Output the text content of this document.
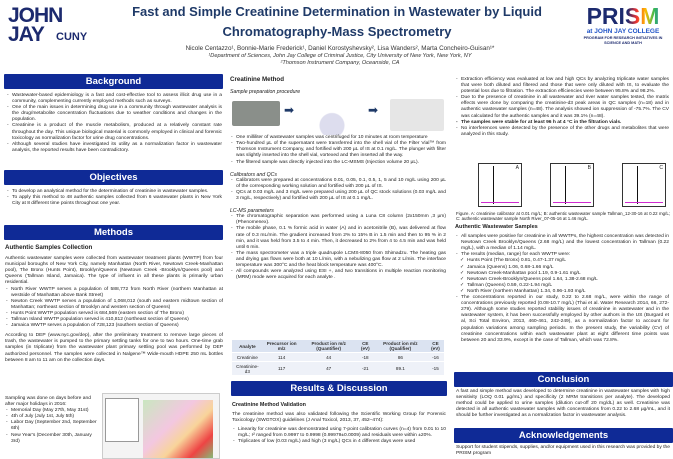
JOHN JAY CUNY
Fast and Simple Creatinine Determination in Wastewater by Liquid Chromatography-Mass Spectrometry
Nicole Centazzo¹, Bonnie-Marie Frederick¹, Daniel Korostyshevsky², Lisa Wanders², Marta Concheiro-Guisan¹*
¹Department of Sciences, John Jay College of Criminal Justice, City University of New York, New York, NY
²Thomson Instrument Company, Oceanside, CA
PRISM
at JOHN JAY COLLEGE
PROGRAM FOR RESEARCH INITIATIVES IN SCIENCE AND MATH
Background
- Wastewater-based epidemiology is a fast and cost-effective tool to assess illicit drug use in a community, complementing currently employed methods such as surveys.
- One of the main issues in determining drug use in a community through wastewater analysis is the drug/metabolite concentration fluctuations due to weather conditions and changes in the population.
- Creatinine is a product of the muscle metabolism, produced at a relatively constant rate throughout the day. This unique biological material is commonly employed in clinical and forensic toxicology as normalization factor for urine drug concentrations.
- Although several studies have investigated its utility as a normalization factor in wastewater analysis, the reported results have been contradictory.
Objectives
- To develop an analytical method for the determination of creatinine in wastewater samples.
- To apply this method to 48 authentic samples collected from 6 wastewater plants in New York City at 8 different time points throughout one year.
Methods
Authentic Samples Collection
Authentic wastewater samples were collected from wastewater treatment plants (WWTP) from four municipal boroughs of New York City, namely Manhattan (North River, Newtown Creek-Manhattan pool), The Bronx (Hunts Point), Brooklyn/Queens (Newtown Creek -Brooklyn/Queens pool) and Queens (Tallman Island, Jamaica). The type of influent in all these plants is primarily urban residential.
- North River WWTP serves a population of 588,772 from North River (northern Manhattan at westside of Manhattan above Bank Street)
- Newton Creek WWTP serves a population of 1,068,012 (south and eastern midtown section of Manhattan; northeast section of Brooklyn and western section of Queens)
- Hunts Point WWTP population served is 684,569 (eastern section of The Bronx)
- Tallman Island WWTP population served is 410,812 (northeast section of Queens)
- Jamaica WWTP serves a population of 728,123 (southern section of Queens)
According to DEP (www.nyc.gov/dep), after the preliminary treatment to remove large pieces of trash, the wastewater is pumped to the primary settling tanks for one to two hours. One-time grab samples (in triplicate) from the wastewater plant primary settling pool was performed by DEP authorized personnel. The samples were collected in Nalgene™ Wide-mouth HDPE 250 mL bottles between 8 am to 11 am on the collection days.
Sampling was done on days before and after major holidays in 2016:
- Memorial Day (May 27th, May 31st)
- 4th of July (July 1st, July 5th)
- Labor Day (September 2nd, September 6th)
- New Year's (December 30th, January 3rd)
Creatinine Method
Sample preparation procedure
➡	➡
- One milliliter of wastewater samples was centrifuged for 10 minutes at room temperature
- Two-hundred µL of the supernatant were transferred into the shell vial of the Filter Vial™ from Thomson Instrument Company, and fortified with 200 µL of IS at 0.1 mg/L. The plunger with filter was slightly inserted into the shell vial, vortexed and then inserted all the way.
- The filtered sample was directly injected into the LC-MSMS (Injection volume 20 µL).
Calibrators and QCs
- Calibrators were prepared at concentrations 0.01, 0.05, 0.1, 0.5, 1, 5 and 10 mg/L using 200 µL of the corresponding working solution and fortified with 200 µL of IS.
- QCs at 0.03 mg/L and 3 mg/L were prepared using 200 µL of QC stock solutions (0.03 mg/L and 3 mg/L, respectively) and fortified with 200 µL of IS at 0.1 mg/L.
LC-MS parameters
- The chromatographic separation was performed using a Luna C8 column (2x150mm ,3 µm) (Phenomenex).
- The mobile phase, 0.1 % formic acid in water (A) and in acetonitrile (B), was delivered at flow rate of 0.3 mL/min. The gradient increased from 2% to 15% B in 1.5 min and then to 95 % in 2 min, and it was held from 3.5 to 4 min. Then, it decreased to 2% from 4 to 4.5 min and was held until 6 min.
- The mass spectrometer was a triple quadrupole LCMS-8050 from Shimadzu. The heating gas and drying gas flows were both at 10 L/min, with a nebulizing gas flow at 2 L/min. The interface temperature was 300°C and the heat block temperature was 400°C.
- All compounds were analyzed using ESI +, and two transitions in multiple reaction monitoring (MRM) mode were acquired for each analyte .
Analyte	Precursor ion m/z	Product ion m/z (Quantifier)	CE (eV)	Product ion m/z (Qualifier)	CE (eV)
Creatinine	114	44	-18	86	-16
Creatinine- d3	117	47	-21	89.1	-15
Results & Discussion
Creatinine Method Validation
The creatinine method was also validated following the Scientific Working Group for Forensic Toxicology (SWGTOX) guidelines (J Anal Toxicol, 2013, 37, 452–474):
- Linearity for creatinine was demonstrated using 7-point calibration curves (n=4) from 0.01 to 10 mg/L; r² ranged from 0.9997 to 0.9998 (0.99979±0.0009) and residuals were within ±20%.
- Triplicates of low (0.03 mg/L) and high (3 mg/L) QCs in 4 different days were used
- Extraction efficiency was evaluated at low and high QCs by analyzing triplicate water samples that were both diluted and filtered and those that were only diluted with IS, to evaluate the potential loss due to filtration. The extraction efficiencies were between 95.8% and 98.2%.
- Due to the presence of creatinine in all wastewater and river water samples tested, the matrix effects were done by comparing the creatinine-d3 peak areas in QC samples (n=18) and in authentic wastewater samples (n=48). The analysis showed ion suppression of -75.7%. The CV was calculated for the authentic samples and it was 39.1% (n=48).
- The samples were stable for at least 96 h at 4 °C in the filtration vials.
- No interferences were detected by the presence of the other drugs and metabolites that were analyzed in this study.
A	B	C
Figure. A: creatinine calibrator at 0.01 mg/L; B: authentic wastewater sample Tallman_12-30-16 at 0.22 mg/L; C: authentic wastewater sample North River_07-05-16 at 1.46 mg/L.
Authentic Wastewater Samples
- All samples were positive for creatinine in all WWTPs, the highest concentration was detected in Newtown Creek Brooklyn/Queens (2.68 mg/L) and the lowest concentration in Tallman (0.22 mg/L), with a median of 1.14 mg/L.
- The results (median, range) for each WWTP were:
✓ Hunts Point (The Bronx) 0.81, 0.47-1.37 mg/L
✓ Jamaica (Queens) 1.06, 0.68-1.66 mg/L
✓ Newtown Creek-Manhattan pool 1.19, 0.9-1.61 mg/L
✓ Newtown Creek-Brooklyn/Queens pool 1.64, 1.38-2.68 mg/L
✓ Tallman (Queens) 0.59, 0.22-1.94 mg/L
✓ North River (northern Manhattan) 1.34, 0.96-1.93 mg/L
- The concentrations reported in our study, 0.22 to 2.68 mg/L, were within the range of concentrations previously reported (0.08-10.7 mg/L) (Thai et al. Water Research 2014, 66, 272-279). Although some studies reported stability issues of creatinine in wastewater and in the wastewater system, it has been successfully employed by other authors in the US (Burgard et al, Sci Total Environ, 2013, 460-461, 242-249), as a normalization factor to account for population variations among sampling periods. In the present study, the variability (CV) of creatinine concentrations within each wastewater plant at eight different time points was between 20 and 33.9%, except in the case of Tallman, which was 72.8%.
Conclusion
A fast and simple method was developed to determine creatinine in wastewater samples with high sensitivity (LOQ 0.01 µg/mL) and specificity (2 MRM transitions per analyte). The developed method could be applied to urine samples (dilution cut-off 20 mg/dL) as well. Creatinine was detected in all authentic wastewater samples with concentrations from 0.22 to 2.68 µg/mL, and it should be further investigated as a normalization factor in wastewater analysis.
Acknowledgements
Support for student stipends, supplies, and/or equipment used in this research was provided by the PRISM program
